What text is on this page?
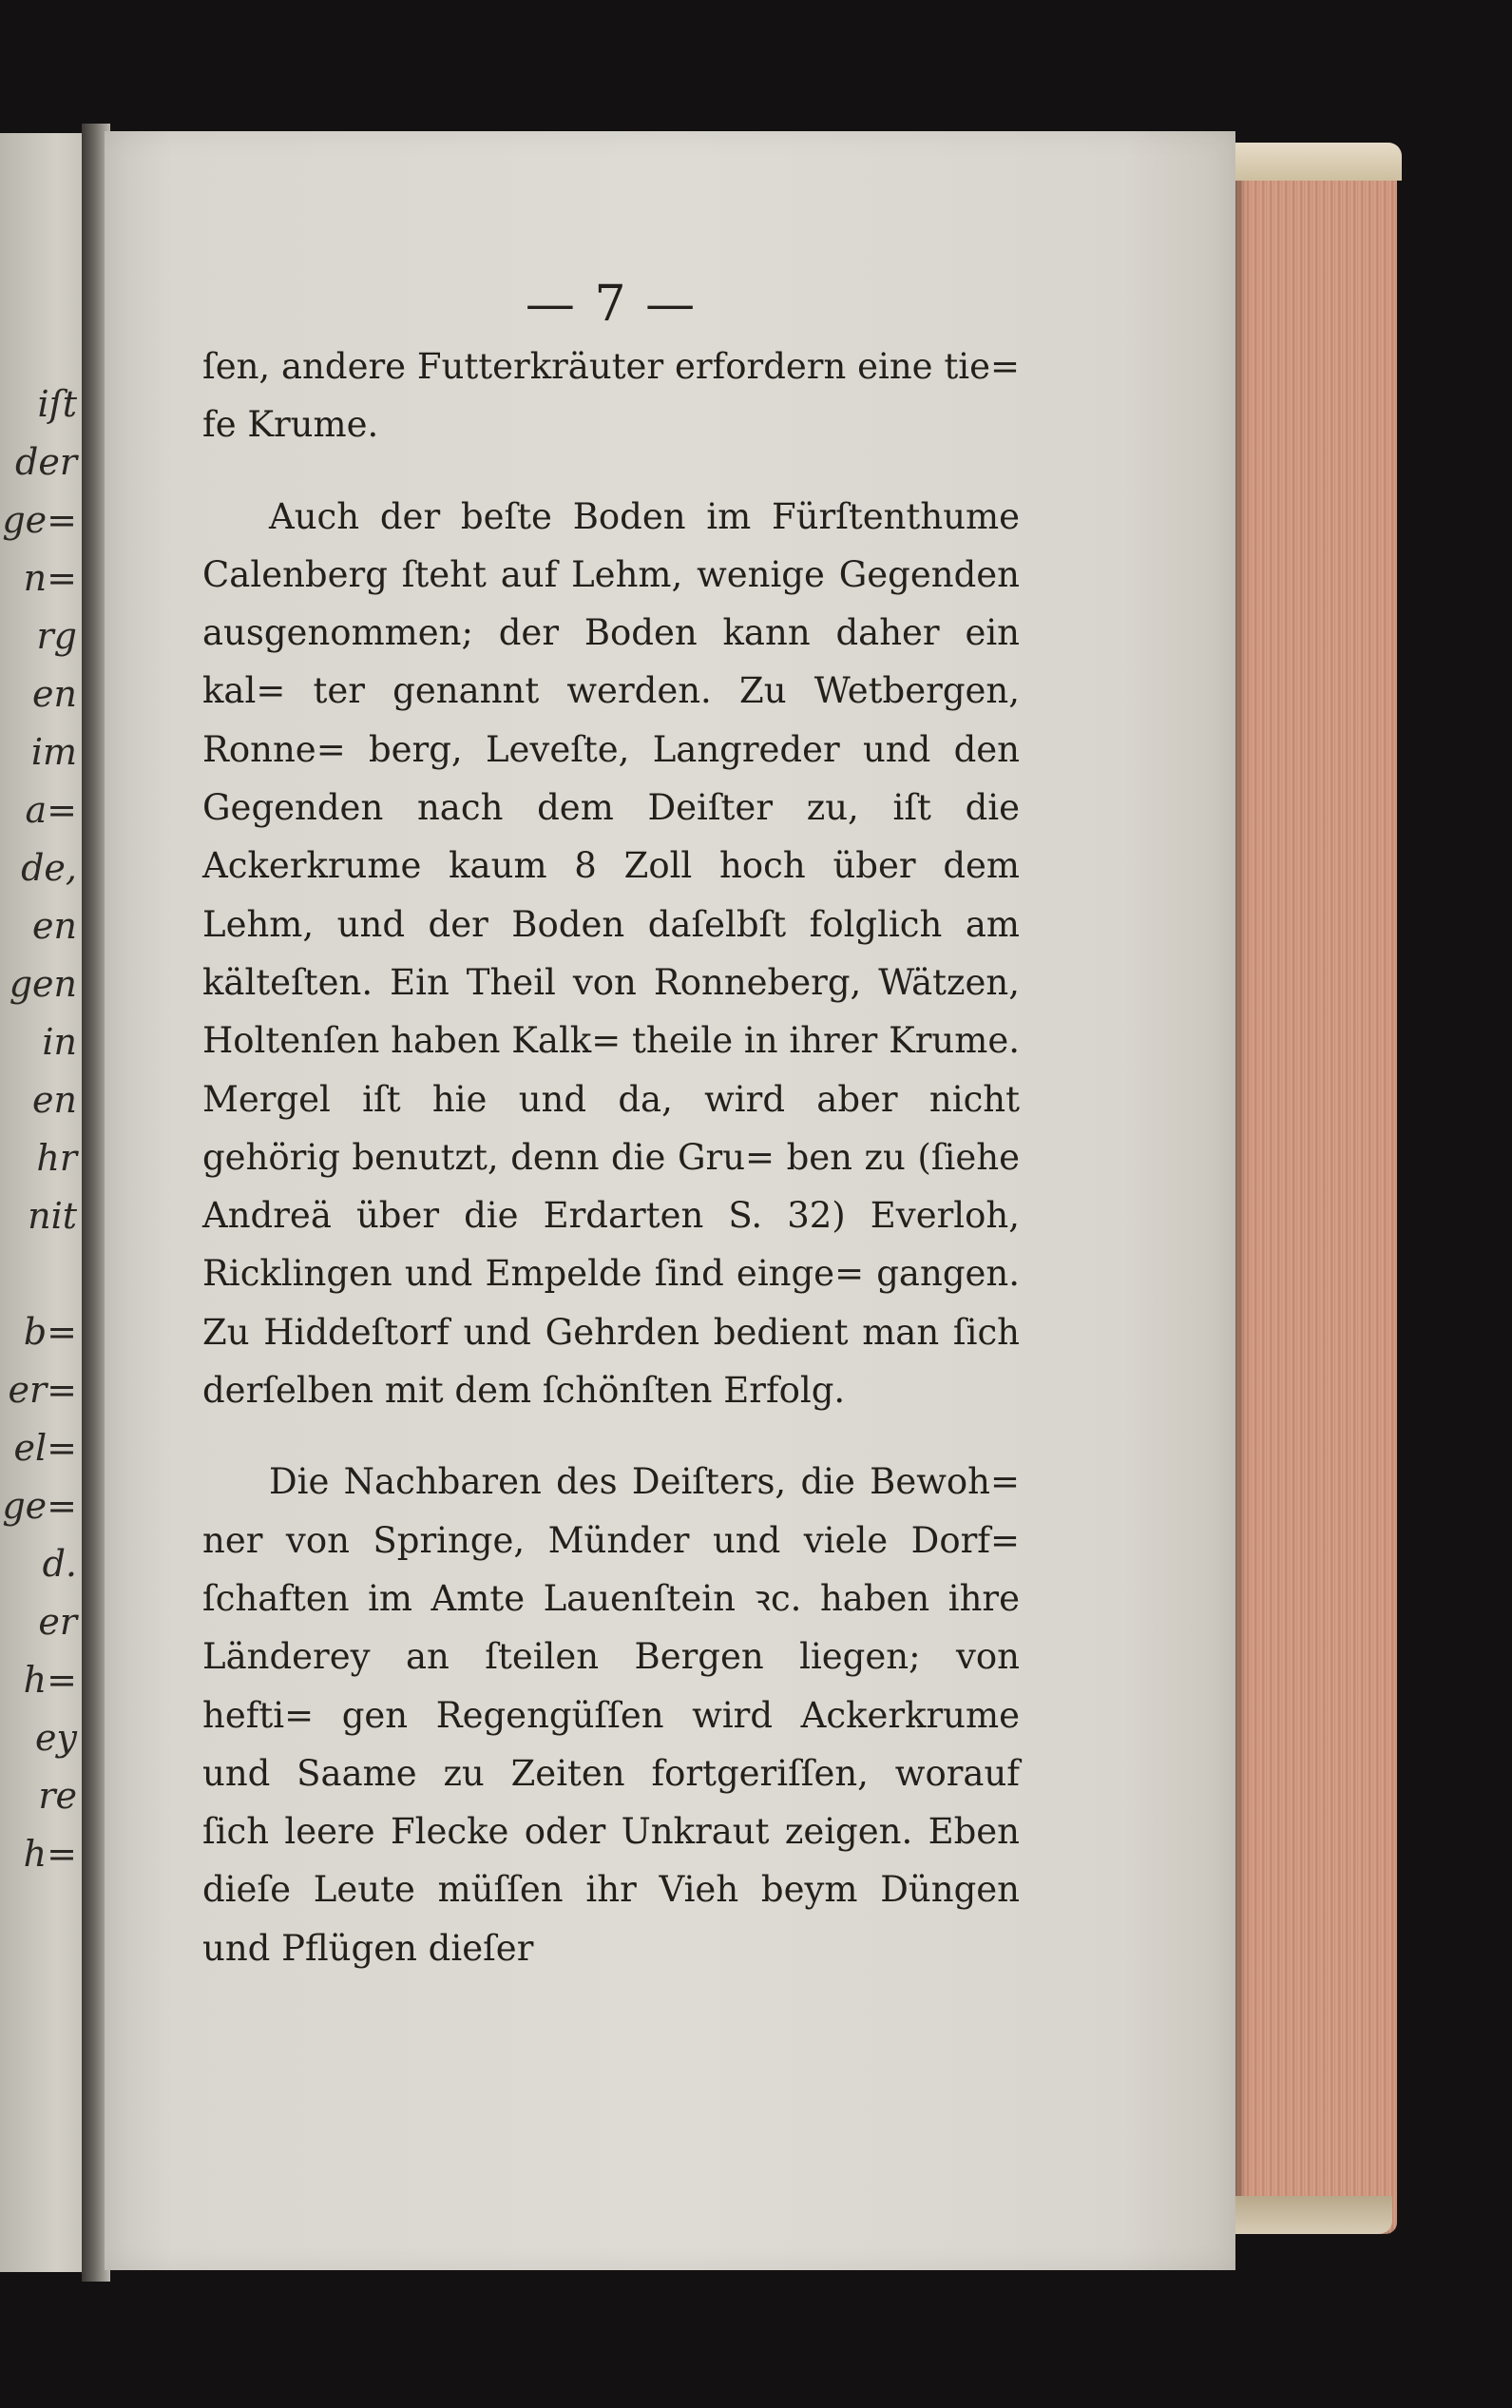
iſt
der
ge=
n=
rg
en
im
a=
de,
en
gen
in
en
hr
nit
b=
er=
el=
ge=
d.
er
h=
ey
re
h=
— 7 —

ſen, andere Futterkräuter erfordern eine tie= fe Krume.

Auch der beſte Boden im Fürſtenthume Calenberg ſteht auf Lehm, wenige Gegenden ausgenommen; der Boden kann daher ein kal= ter genannt werden. Zu Wetbergen, Ronne= berg, Leveſte, Langreder und den Gegenden nach dem Deiſter zu, iſt die Ackerkrume kaum 8 Zoll hoch über dem Lehm, und der Boden daſelbſt folglich am kälteſten. Ein Theil von Ronneberg, Wätzen, Holtenſen haben Kalk= theile in ihrer Krume. Mergel iſt hie und da, wird aber nicht gehörig benutzt, denn die Gru= ben zu (ſiehe Andreä über die Erdarten S. 32) Everloh, Ricklingen und Empelde ſind einge= gangen. Zu Hiddeſtorf und Gehrden bedient man ſich derſelben mit dem ſchönſten Erfolg.

Die Nachbaren des Deiſters, die Bewoh= ner von Springe, Münder und viele Dorf= ſchaften im Amte Lauenſtein ꝛc. haben ihre Länderey an ſteilen Bergen liegen; von hefti= gen Regengüſſen wird Ackerkrume und Saame zu Zeiten fortgeriſſen, worauf ſich leere Flecke oder Unkraut zeigen. Eben dieſe Leute müſſen ihr Vieh beym Düngen und Pflügen dieſer
